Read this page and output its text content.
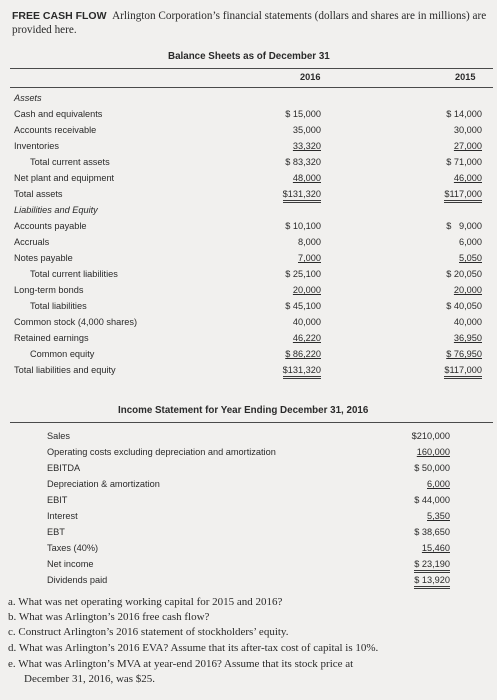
FREE CASH FLOW Arlington Corporation’s financial statements (dollars and shares are in millions) are provided here.
Balance Sheets as of December 31
2016	2015
Assets
Cash and equivalents	$ 15,000	$ 14,000
Accounts receivable	35,000	30,000
Inventories	33,320	27,000
Total current assets	$ 83,320	$ 71,000
Net plant and equipment	48,000	46,000
Total assets	$131,320	$117,000
Liabilities and Equity
Accounts payable	$ 10,100	$   9,000
Accruals	8,000	6,000
Notes payable	7,000	5,050
Total current liabilities	$ 25,100	$ 20,050
Long-term bonds	20,000	20,000
Total liabilities	$ 45,100	$ 40,050
Common stock (4,000 shares)	40,000	40,000
Retained earnings	46,220	36,950
Common equity	$ 86,220	$ 76,950
Total liabilities and equity	$131,320	$117,000
Income Statement for Year Ending December 31, 2016
Sales	$210,000
Operating costs excluding depreciation and amortization	160,000
EBITDA	$ 50,000
Depreciation & amortization	6,000
EBIT	$ 44,000
Interest	5,350
EBT	$ 38,650
Taxes (40%)	15,460
Net income	$ 23,190
Dividends paid	$ 13,920
a. What was net operating working capital for 2015 and 2016?
b. What was Arlington’s 2016 free cash flow?
c. Construct Arlington’s 2016 statement of stockholders’ equity.
d. What was Arlington’s 2016 EVA? Assume that its after-tax cost of capital is 10%.
e. What was Arlington’s MVA at year-end 2016? Assume that its stock price at
December 31, 2016, was $25.
